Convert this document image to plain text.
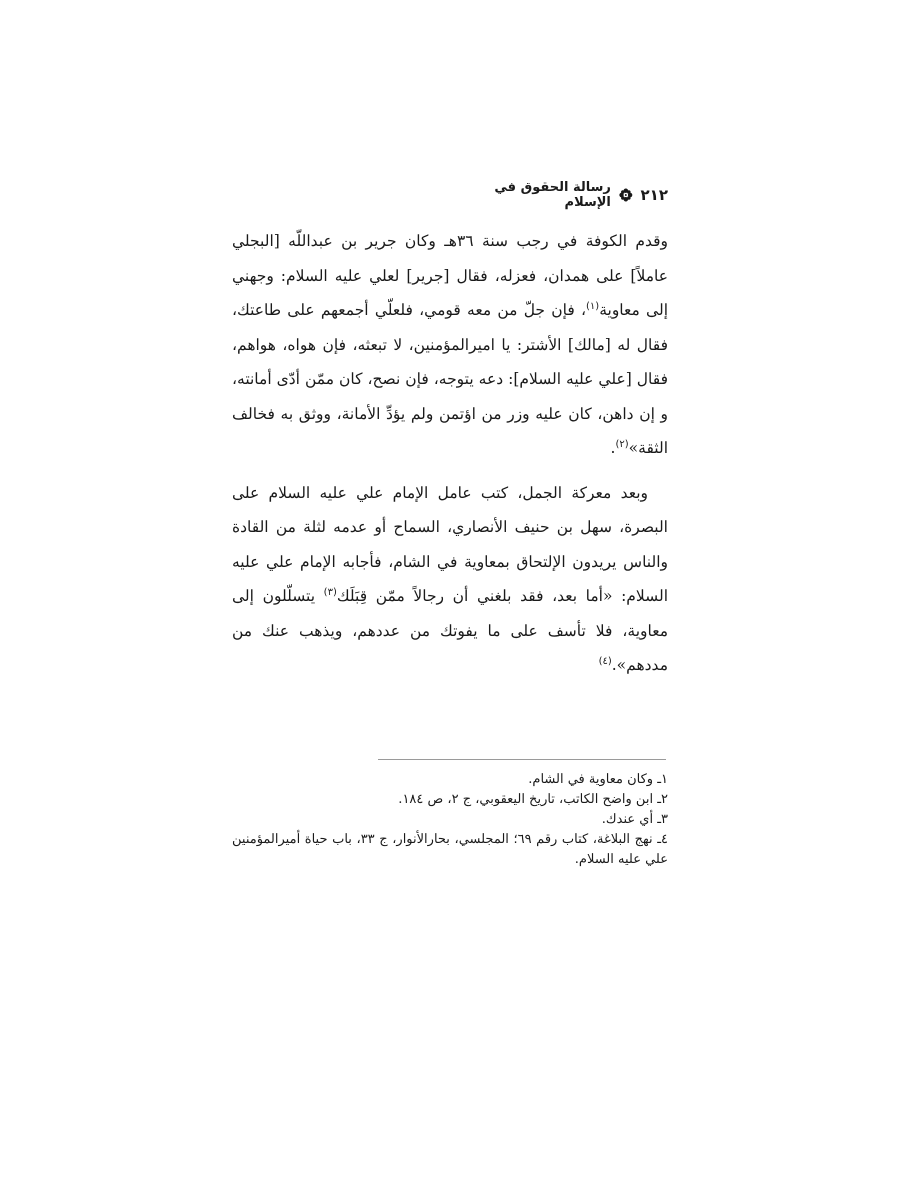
٢١٢
رسالة الحقوق في الإسلام

وقدم الكوفة في رجب سنة ٣٦هـ وكان جرير بن عبداللّه [البجلي عاملاً] على همدان، فعزله، فقال [جرير] لعلي عليه السلام: وجهني إلى معاوية$^{(١)}$، فإن جلّ من معه قومي، فلعلّي أجمعهم على طاعتك، فقال له [مالك] الأشتر: يا اميرالمؤمنين، لا تبعثه، فإن هواه، هواهم، فقال [علي عليه السلام]: دعه يتوجه، فإن نصح، كان ممّن أدّى أمانته، و إن داهن، كان عليه وزر من اؤتمن ولم يؤدِّ الأمانة، ووثق به فخالف الثقة»$^{(٢)}$.

وبعد معركة الجمل، كتب عامل الإمام علي عليه السلام على البصرة، سهل بن حنيف الأنصاري، السماح أو عدمه لثلة من القادة والناس يريدون الإلتحاق بمعاوية في الشام، فأجابه الإمام علي عليه السلام: «أما بعد، فقد بلغني أن رجالاً ممّن قِبَلَك$^{(٣)}$ يتسلّلون إلى معاوية، فلا تأسف على ما يفوتك من عددهم، ويذهب عنك من مددهم».$^{(٤)}$

١ـ وكان معاوية في الشام.

٢ـ ابن واضح الكاتب، تاريخ اليعقوبي، ج ٢، ص ١٨٤.

٣ـ أي عندك.

٤ـ نهج البلاغة، كتاب رقم ٦٩؛ المجلسي، بحارالأنوار، ج ٣٣، باب حياة أميرالمؤمنين علي عليه السلام.
